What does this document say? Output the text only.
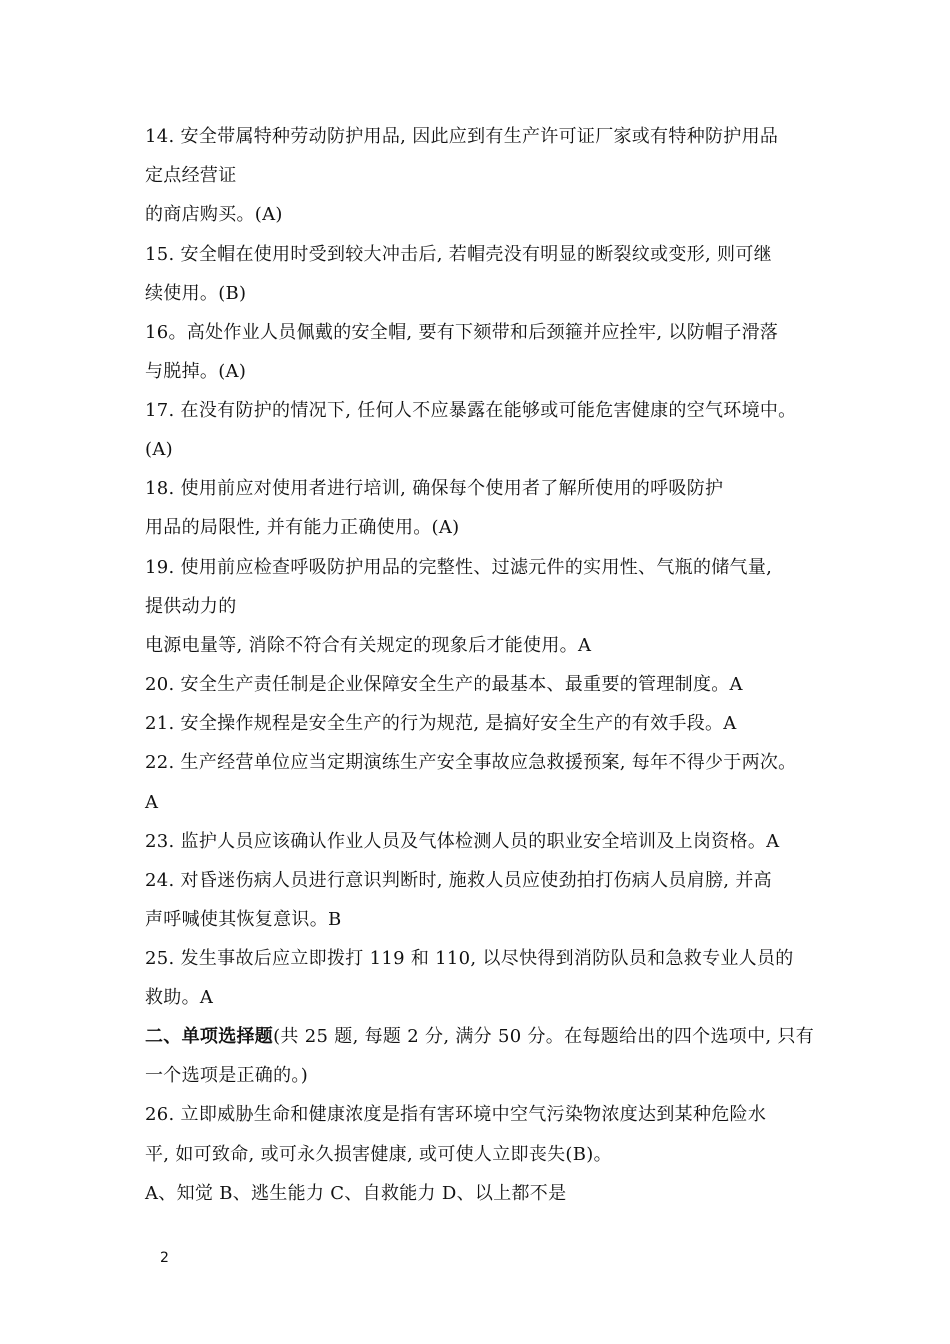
14. 安全带属特种劳动防护用品, 因此应到有生产许可证厂家或有特种防护用品

定点经营证

的商店购买。(A)

15. 安全帽在使用时受到较大冲击后, 若帽壳没有明显的断裂纹或变形, 则可继

续使用。(B)

16。高处作业人员佩戴的安全帽, 要有下颏带和后颈箍并应拴牢, 以防帽子滑落

与脱掉。(A)

17. 在没有防护的情况下, 任何人不应暴露在能够或可能危害健康的空气环境中。

(A)

18. 使用前应对使用者进行培训, 确保每个使用者了解所使用的呼吸防护

用品的局限性, 并有能力正确使用。(A)

19. 使用前应检查呼吸防护用品的完整性、过滤元件的实用性、气瓶的储气量,

提供动力的

电源电量等, 消除不符合有关规定的现象后才能使用。A

20. 安全生产责任制是企业保障安全生产的最基本、最重要的管理制度。A

21. 安全操作规程是安全生产的行为规范, 是搞好安全生产的有效手段。A

22. 生产经营单位应当定期演练生产安全事故应急救援预案, 每年不得少于两次。

A

23. 监护人员应该确认作业人员及气体检测人员的职业安全培训及上岗资格。A

24. 对昏迷伤病人员进行意识判断时, 施救人员应使劲拍打伤病人员肩膀, 并高

声呼喊使其恢复意识。B

25. 发生事故后应立即拨打 119 和 110, 以尽快得到消防队员和急救专业人员的

救助。A

二、单项选择题(共 25 题, 每题 2 分, 满分 50 分。在每题给出的四个选项中, 只有

一个选项是正确的。)

26. 立即威胁生命和健康浓度是指有害环境中空气污染物浓度达到某种危险水

平, 如可致命, 或可永久损害健康, 或可使人立即丧失(B)。

A、知觉 B、逃生能力 C、自救能力 D、以上都不是

2
